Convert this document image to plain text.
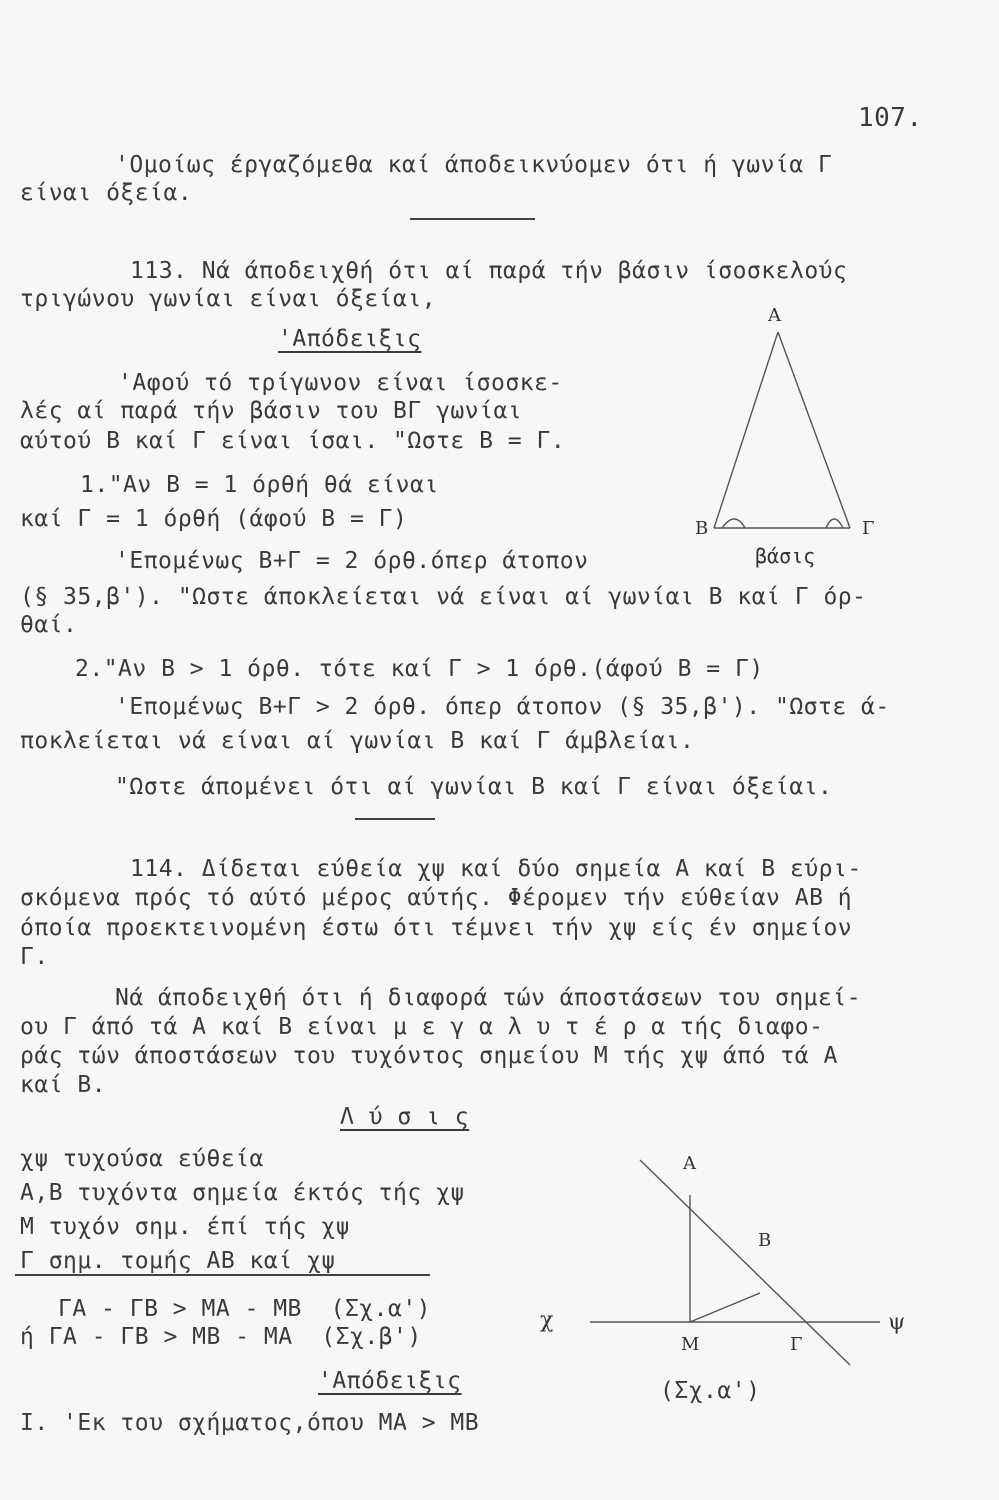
107.
'Ομοίως έργαζόμεθα καί άποδεικνύομεν ότι ή γωνία Γ
είναι όξεία.
113. Νά άποδειχθή ότι αί παρά τήν βάσιν ίσοσκελούς
τριγώνου γωνίαι είναι όξείαι,
'Απόδειξις
'Αφού τό τρίγωνον είναι ίσοσκε-
λές αί παρά τήν βάσιν του ΒΓ γωνίαι
αύτού Β καί Γ είναι ίσαι. "Ωστε Β = Γ.
1."Αν Β = 1 όρθή θά είναι
καί Γ = 1 όρθή (άφού Β = Γ)
'Επομένως Β+Γ = 2 όρθ.όπερ άτοπον
(§ 35,β'). "Ωστε άποκλείεται νά είναι αί γωνίαι Β καί Γ όρ-
θαί.
2."Αν Β > 1 όρθ. τότε καί Γ > 1 όρθ.(άφού Β = Γ)
'Επομένως Β+Γ > 2 όρθ. όπερ άτοπον (§ 35,β'). "Ωστε ά-
ποκλείεται νά είναι αί γωνίαι Β καί Γ άμβλείαι.
"Ωστε άπομένει ότι αί γωνίαι Β καί Γ είναι όξείαι.
114. Δίδεται εύθεία χψ καί δύο σημεία Α καί Β εύρι-
σκόμενα πρός τό αύτό μέρος αύτής. Φέρομεν τήν εύθείαν ΑΒ ή
όποία προεκτεινομένη έστω ότι τέμνει τήν χψ είς έν σημείον
Γ.
Νά άποδειχθή ότι ή διαφορά τών άποστάσεων του σημεί-
ου Γ άπό τά Α καί Β είναι μ ε γ α λ υ τ έ ρ α τής διαφο-
ράς τών άποστάσεων του τυχόντος σημείου Μ τής χψ άπό τά Α
καί Β.
Λ ύ σ ι ς
χψ τυχούσα εύθεία
Α,Β τυχόντα σημεία έκτός τής χψ
Μ τυχόν σημ. έπί τής χψ
Γ σημ. τομής ΑΒ καί χψ
ΓΑ - ΓΒ > ΜΑ - ΜΒ  (Σχ.α')
ή ΓΑ - ΓΒ > ΜΒ - ΜΑ  (Σχ.β')
'Απόδειξις
Ι. 'Εκ του σχήματος,όπου ΜΑ > ΜΒ
Α
Β	Γ
βάσις
Α
Β
Μ	Γ
χ	ψ
(Σχ.α')
